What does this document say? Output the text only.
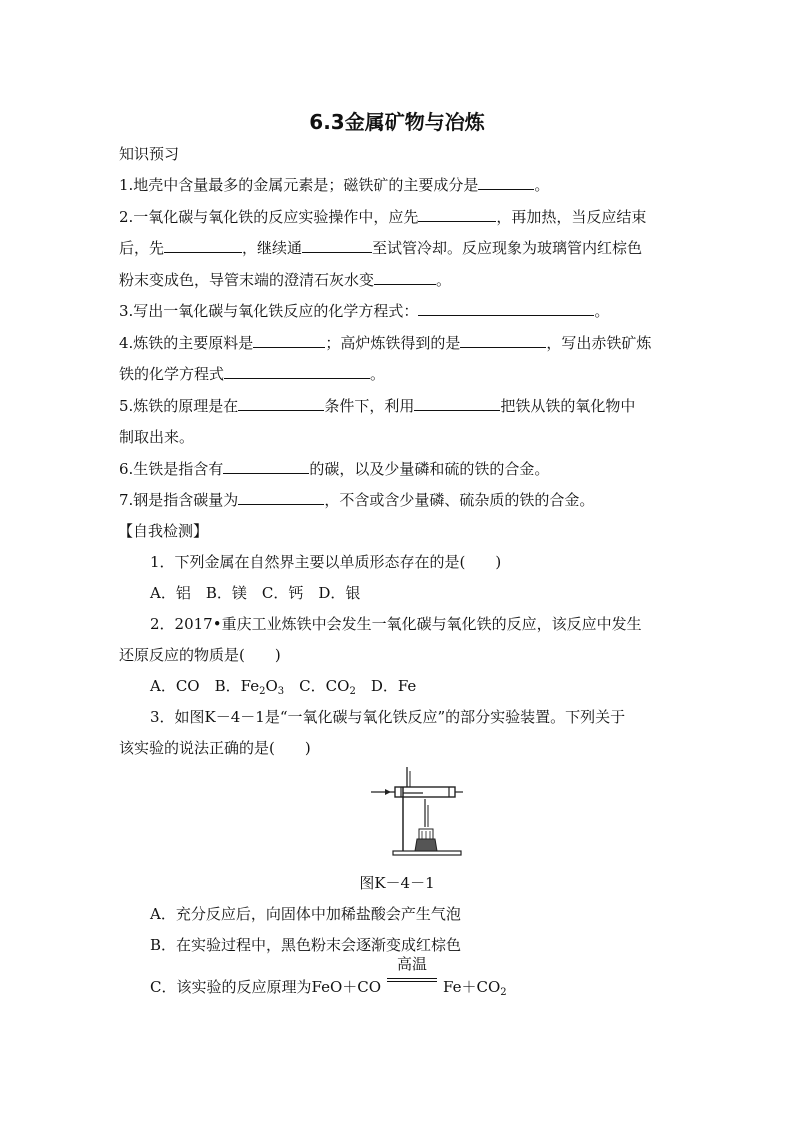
6.3金属矿物与冶炼
知识预习
1.地壳中含量最多的金属元素是；磁铁矿的主要成分是	。
2.一氧化碳与氧化铁的反应实验操作中，应先	，再加热，当反应结束
后，先	，继续通	至试管冷却。反应现象为玻璃管内红棕色
粉末变成色，导管末端的澄清石灰水变	。
3.写出一氧化碳与氧化铁反应的化学方程式：	。
4.炼铁的主要原料是	；高炉炼铁得到的是	，写出赤铁矿炼
铁的化学方程式	。
5.炼铁的原理是在	条件下，利用	把铁从铁的氧化物中
制取出来。
6.生铁是指含有	的碳，以及少量磷和硫的铁的合金。
7.钢是指含碳量为	，不含或含少量磷、硫杂质的铁的合金。
【自我检测】
1．下列金属在自然界主要以单质形态存在的是(　　)
A．铝　B．镁　C．钙　D．银
2．2017•重庆工业炼铁中会发生一氧化碳与氧化铁的反应，该反应中发生
还原反应的物质是(　　)
A．CO　B．$Fe_2O_3$　C．$CO_2$　D．Fe
3．如图K－4－1是“一氧化碳与氧化铁反应”的部分实验装置。下列关于
该实验的说法正确的是(　　)
图K－4－1
A．充分反应后，向固体中加稀盐酸会产生气泡
B．在实验过程中，黑色粉末会逐渐变成红棕色
C．该实验的反应原理为FeO＋CO
高温
$Fe+CO_2$
